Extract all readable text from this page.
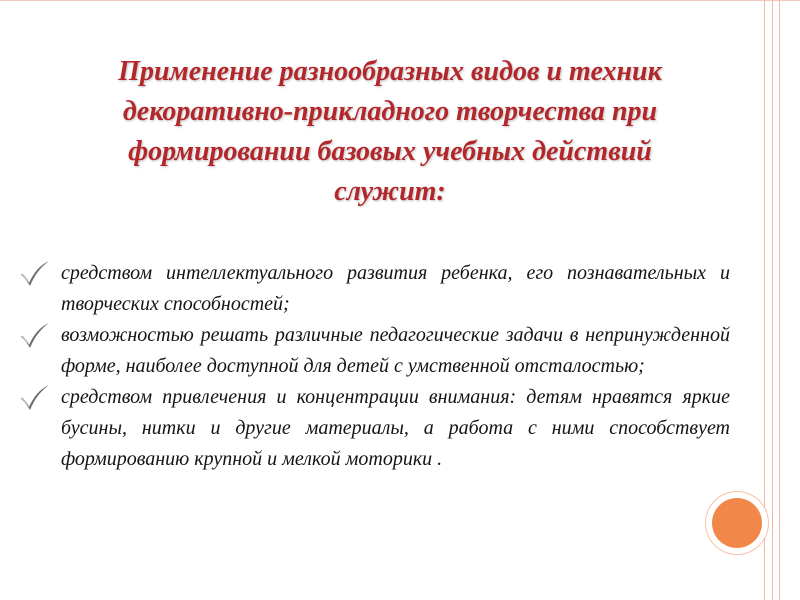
Применение разнообразных видов и техник декоративно-прикладного творчества при формировании базовых учебных действий служит:
средством интеллектуального развития ребенка, его познавательных и творческих способностей;
возможностью решать различные педагогические задачи в непринужденной форме, наиболее доступной для детей с умственной отсталостью;
средством привлечения и концентрации внимания: детям нравятся яркие бусины, нитки и другие материалы, а работа с ними способствует формированию крупной и мелкой моторики .
